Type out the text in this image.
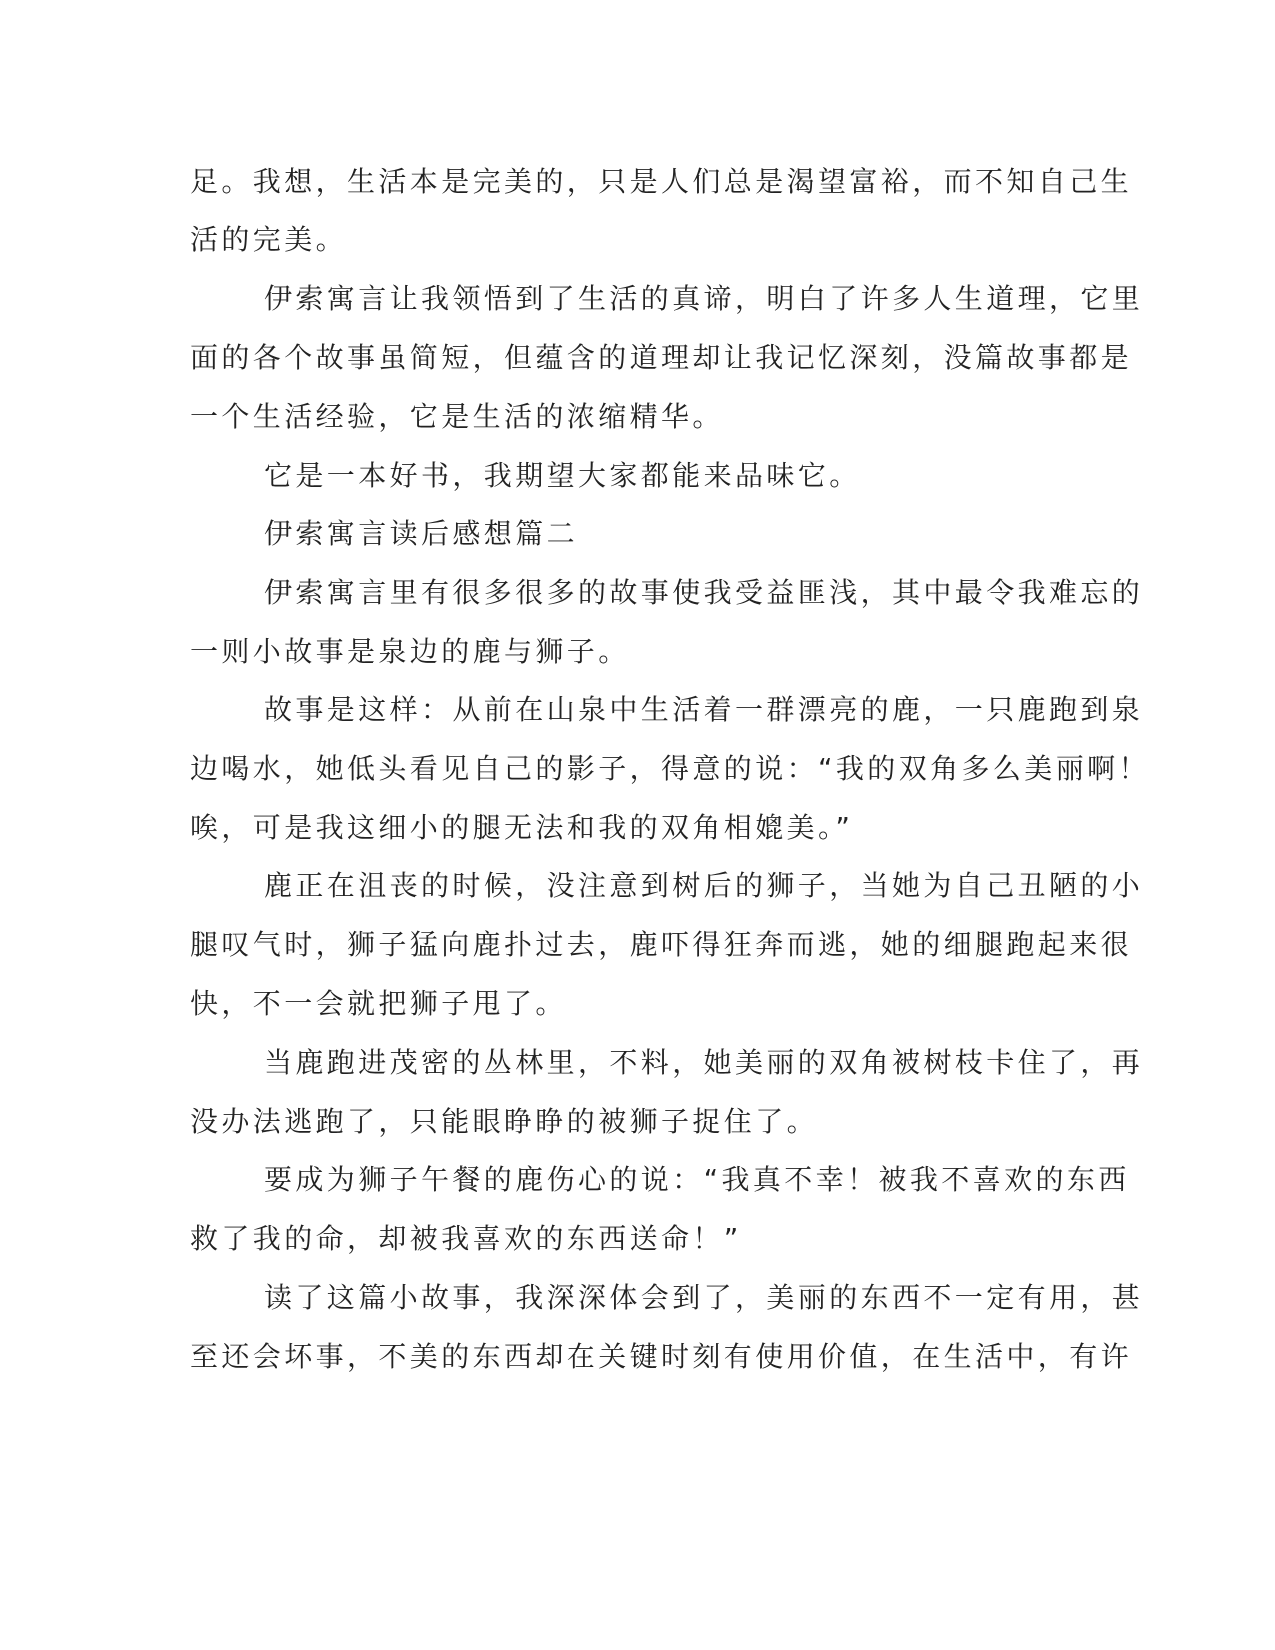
足。我想，生活本是完美的，只是人们总是渴望富裕，而不知自己生
活的完美。
伊索寓言让我领悟到了生活的真谛，明白了许多人生道理，它里
面的各个故事虽简短，但蕴含的道理却让我记忆深刻，没篇故事都是
一个生活经验，它是生活的浓缩精华。
它是一本好书，我期望大家都能来品味它。
伊索寓言读后感想篇二
伊索寓言里有很多很多的故事使我受益匪浅，其中最令我难忘的
一则小故事是泉边的鹿与狮子。
故事是这样：从前在山泉中生活着一群漂亮的鹿，一只鹿跑到泉
边喝水，她低头看见自己的影子，得意的说：“我的双角多么美丽啊！
唉，可是我这细小的腿无法和我的双角相媲美。”
鹿正在沮丧的时候，没注意到树后的狮子，当她为自己丑陋的小
腿叹气时，狮子猛向鹿扑过去，鹿吓得狂奔而逃，她的细腿跑起来很
快，不一会就把狮子甩了。
当鹿跑进茂密的丛林里，不料，她美丽的双角被树枝卡住了，再
没办法逃跑了，只能眼睁睁的被狮子捉住了。
要成为狮子午餐的鹿伤心的说：“我真不幸！被我不喜欢的东西
救了我的命，却被我喜欢的东西送命！”
读了这篇小故事，我深深体会到了，美丽的东西不一定有用，甚
至还会坏事，不美的东西却在关键时刻有使用价值，在生活中，有许
